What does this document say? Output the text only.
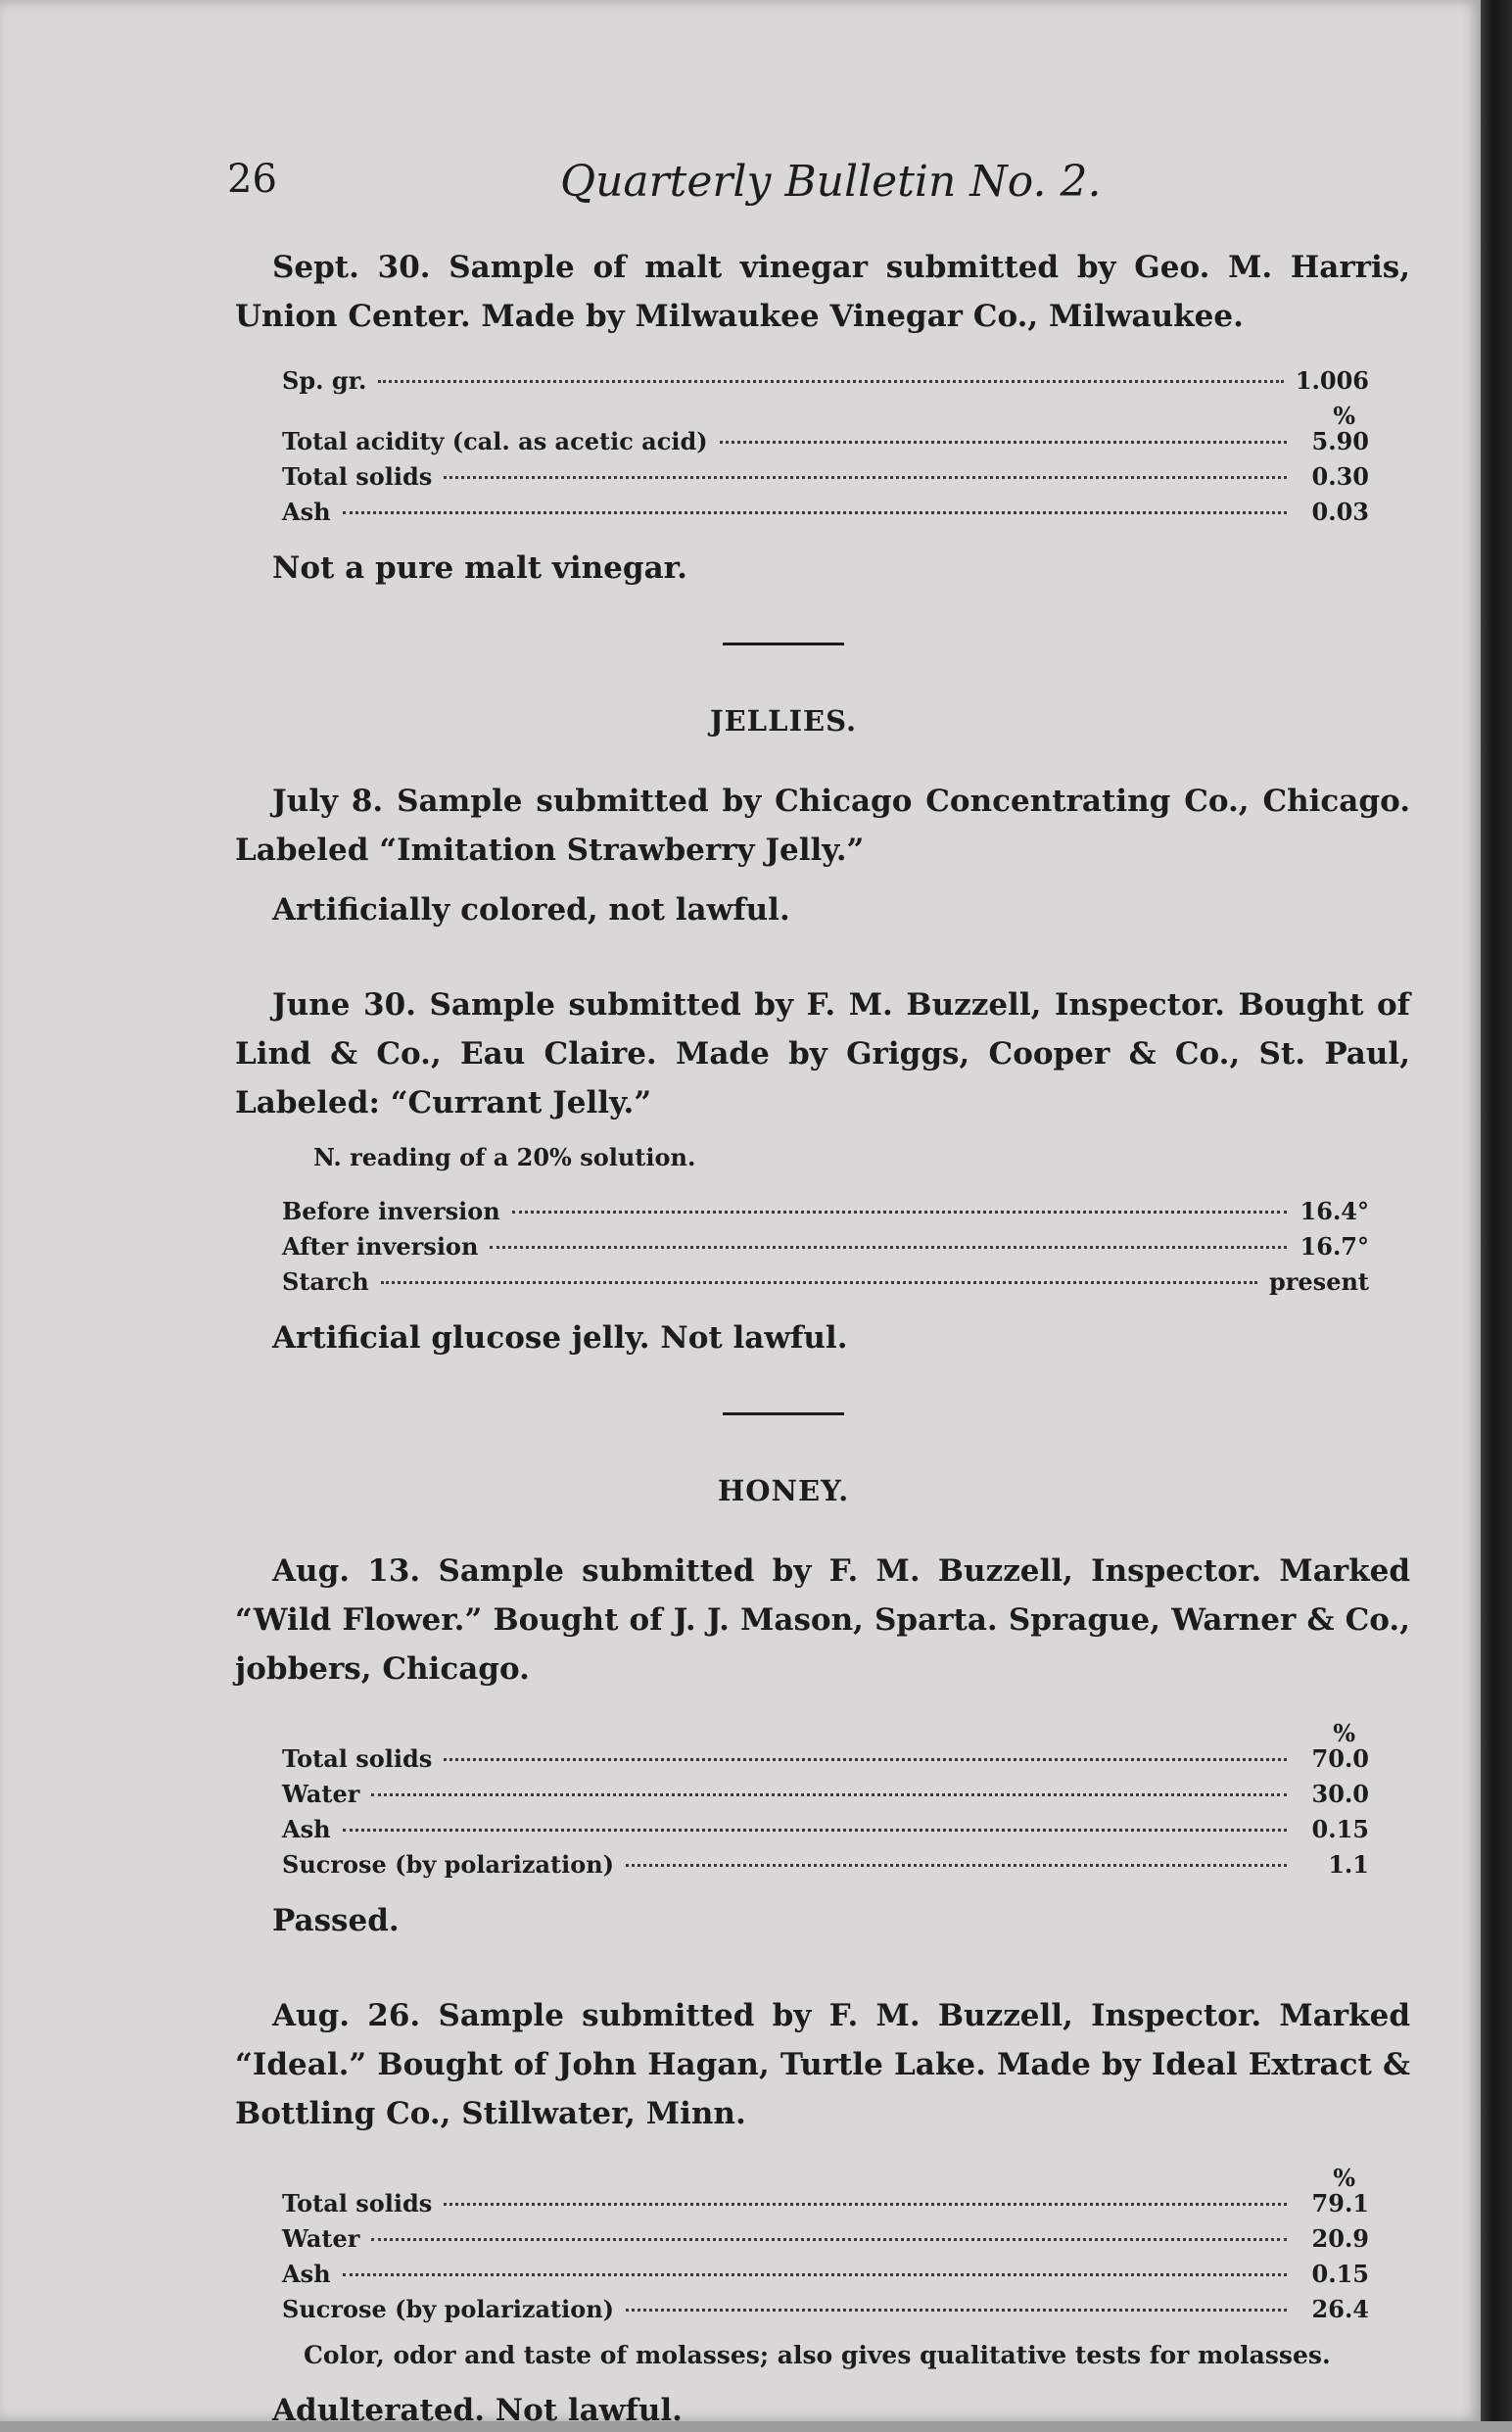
26	Quarterly Bulletin No. 2.

Sept. 30. Sample of malt vinegar submitted by Geo. M. Harris, Union Center. Made by Milwaukee Vinegar Co., Milwaukee.

Sp. gr.	1.006
%
Total acidity (cal. as acetic acid)	5.90
Total solids	0.30
Ash	0.03
Not a pure malt vinegar.
JELLIES.

July 8. Sample submitted by Chicago Concentrating Co., Chicago. Labeled “Imitation Strawberry Jelly.”

Artificially colored, not lawful.

June 30. Sample submitted by F. M. Buzzell, Inspector. Bought of Lind & Co., Eau Claire. Made by Griggs, Cooper & Co., St. Paul, Labeled: “Currant Jelly.”

N. reading of a 20% solution.
Before inversion	16.4°
After inversion	16.7°
Starch	present
Artificial glucose jelly. Not lawful.
HONEY.

Aug. 13. Sample submitted by F. M. Buzzell, Inspector. Marked “Wild Flower.” Bought of J. J. Mason, Sparta. Sprague, Warner & Co., jobbers, Chicago.

%
Total solids	70.0
Water	30.0
Ash	0.15
Sucrose (by polarization)	1.1
Passed.

Aug. 26. Sample submitted by F. M. Buzzell, Inspector. Marked “Ideal.” Bought of John Hagan, Turtle Lake. Made by Ideal Extract & Bottling Co., Stillwater, Minn.

%
Total solids	79.1
Water	20.9
Ash	0.15
Sucrose (by polarization)	26.4
Color, odor and taste of molasses; also gives qualitative tests for molasses.
Adulterated. Not lawful.
